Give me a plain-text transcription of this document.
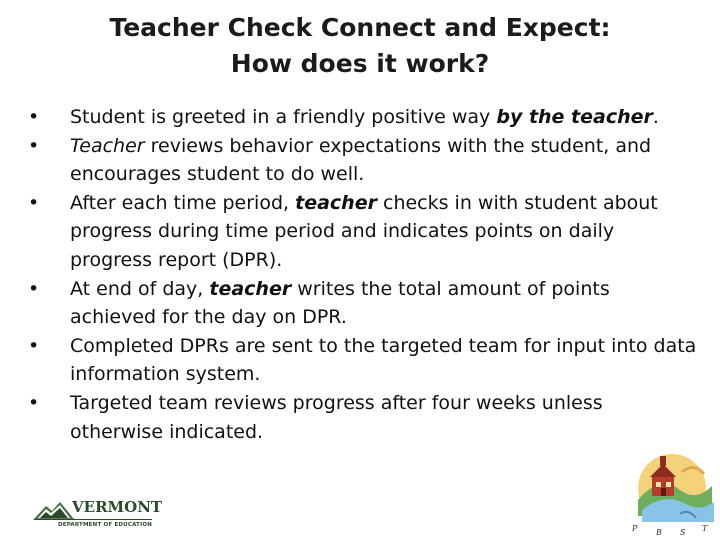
Teacher Check Connect and Expect:
How does it work?
• Student is greeted in a friendly positive way by the teacher.
• Teacher reviews behavior expectations with the student, and encourages student to do well.
• After each time period, teacher checks in with student about progress during time period and indicates points on daily progress report (DPR).
• At end of day, teacher writes the total amount of points achieved for the day on DPR.
• Completed DPRs are sent to the targeted team for input into data information system.
• Targeted team reviews progress after four weeks unless otherwise indicated.
VERMONT
DEPARTMENT OF EDUCATION	P B S T
